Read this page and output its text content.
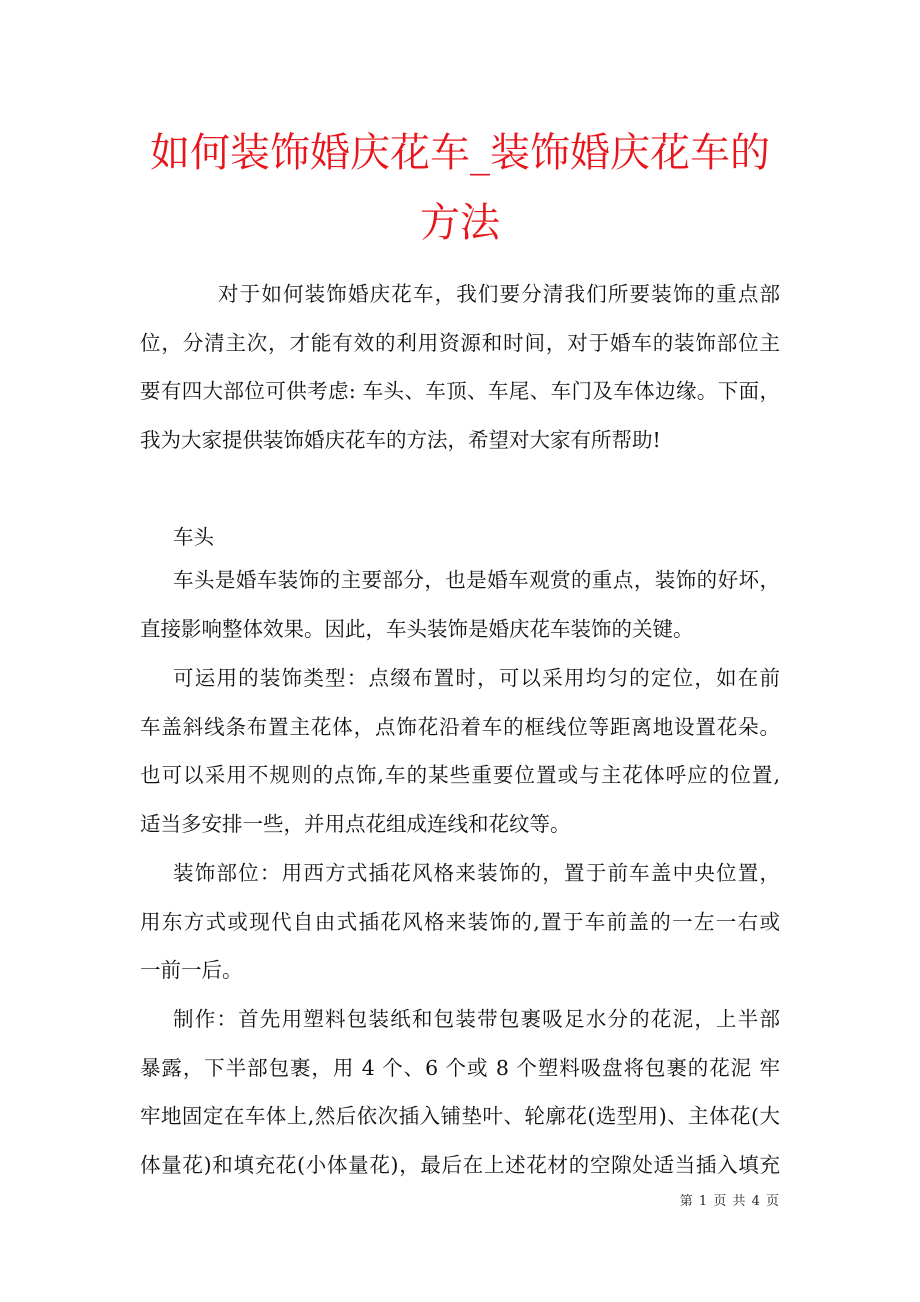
如何装饰婚庆花车_装饰婚庆花车的
方法
对于如何装饰婚庆花车，我们要分清我们所要装饰的重点部
位，分清主次，才能有效的利用资源和时间，对于婚车的装饰部位主
要有四大部位可供考虑: 车头、车顶、车尾、车门及车体边缘。下面，
我为大家提供装饰婚庆花车的方法，希望对大家有所帮助!
车头
车头是婚车装饰的主要部分，也是婚车观赏的重点，装饰的好坏，
直接影响整体效果。因此，车头装饰是婚庆花车装饰的关键。
可运用的装饰类型：点缀布置时，可以采用均匀的定位，如在前
车盖斜线条布置主花体，点饰花沿着车的框线位等距离地设置花朵。
也可以采用不规则的点饰,车的某些重要位置或与主花体呼应的位置,
适当多安排一些，并用点花组成连线和花纹等。
装饰部位：用西方式插花风格来装饰的，置于前车盖中央位置，
用东方式或现代自由式插花风格来装饰的,置于车前盖的一左一右或
一前一后。
制作：首先用塑料包装纸和包装带包裹吸足水分的花泥，上半部
暴露，下半部包裹，用 4 个、6 个或 8 个塑料吸盘将包裹的花泥 牢
牢地固定在车体上,然后依次插入铺垫叶、轮廓花(选型用)、主体花(大
体量花)和填充花(小体量花)，最后在上述花材的空隙处适当插入填充
第 1 页 共 4 页
